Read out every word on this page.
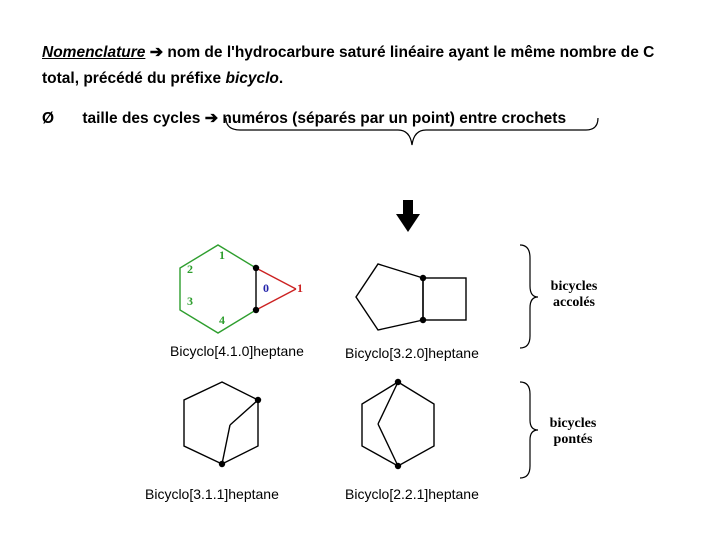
Nomenclature ➔ nom de l'hydrocarbure saturé linéaire ayant le même nombre de C
total, précédé du préfixe bicyclo.
Ø taille des cycles ➔ numéros (séparés par un point) entre crochets
1
2
3
4
0 1
Bicyclo[4.1.0]heptane	Bicyclo[3.2.0]heptane
Bicyclo[3.1.1]heptane	Bicyclo[2.2.1]heptane
bicycles
accolés
bicycles
pontés
